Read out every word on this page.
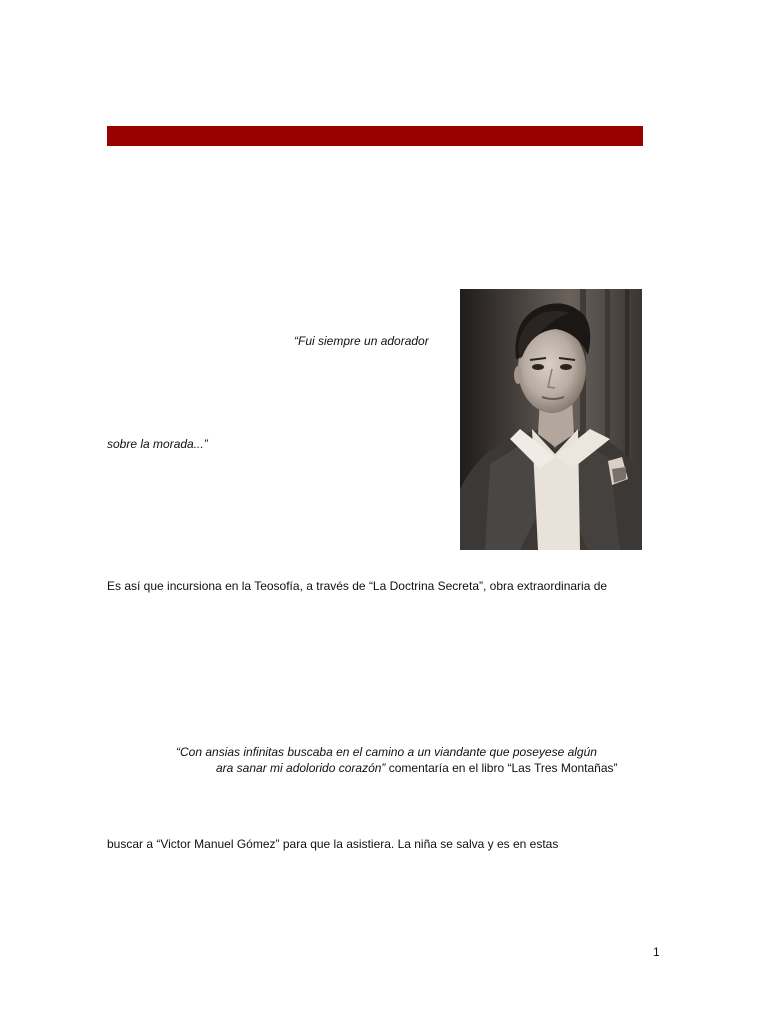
“Fui siempre un adorador
sobre la morada...”
Es así que incursiona en la Teosofía, a través de “La Doctrina Secreta”, obra extraordinaria de
“Con ansias infinitas buscaba en el camino a un viandante que poseyese algún
ara sanar mi adolorido corazón” comentaría en el libro “Las Tres Montañas”
buscar a “Victor Manuel Gómez” para que la asistiera. La niña se salva y es en estas
1
